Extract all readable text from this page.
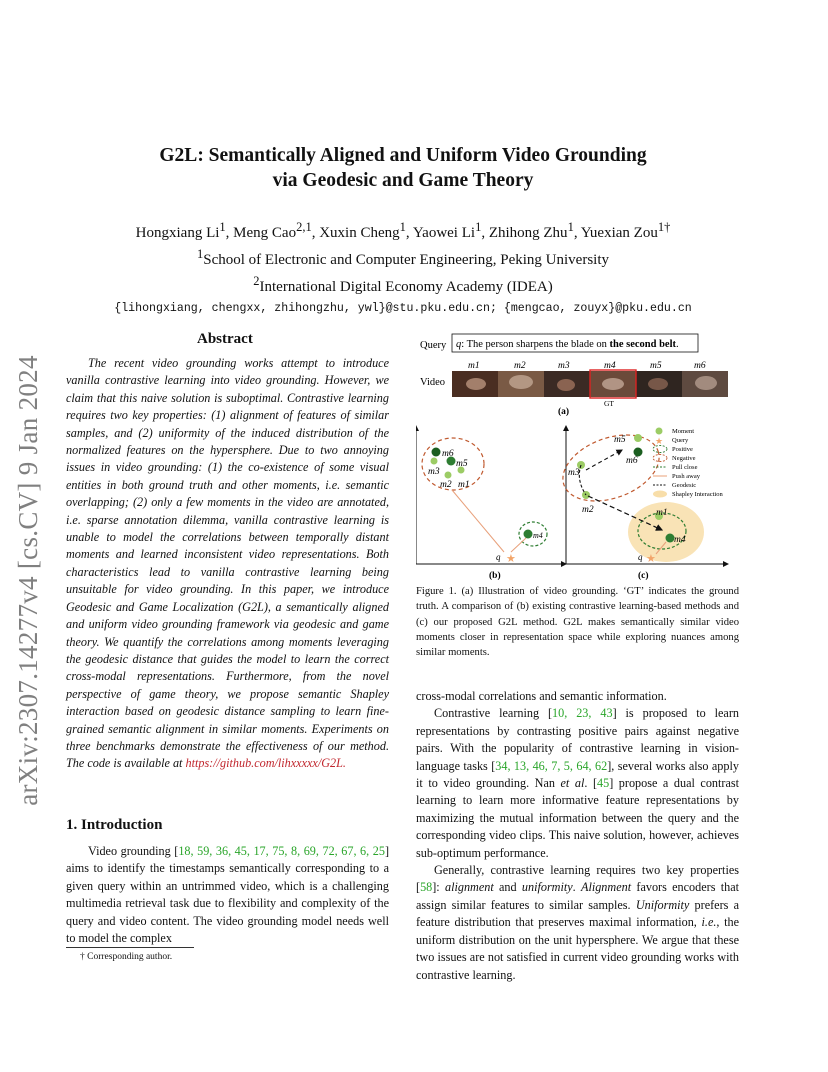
arXiv:2307.14277v4 [cs.CV] 9 Jan 2024
G2L: Semantically Aligned and Uniform Video Grounding
via Geodesic and Game Theory
Hongxiang Li$^1$, Meng Cao$^{2,1}$, Xuxin Cheng$^1$, Yaowei Li$^1$, Zhihong Zhu$^1$, Yuexian Zou$^{1\dagger}$
$^1$School of Electronic and Computer Engineering, Peking University
$^2$International Digital Economy Academy (IDEA)
{lihongxiang, chengxx, zhihongzhu, ywl}@stu.pku.edu.cn; {mengcao, zouyx}@pku.edu.cn
Abstract

The recent video grounding works attempt to introduce vanilla contrastive learning into video grounding. However, we claim that this naive solution is suboptimal. Contrastive learning requires two key properties: (1) alignment of features of similar samples, and (2) uniformity of the induced distribution of the normalized features on the hypersphere. Due to two annoying issues in video grounding: (1) the co-existence of some visual entities in both ground truth and other moments, i.e. semantic overlapping; (2) only a few moments in the video are annotated, i.e. sparse annotation dilemma, vanilla contrastive learning is unable to model the correlations between temporally distant moments and learned inconsistent video representations. Both characteristics lead to vanilla contrastive learning being unsuitable for video grounding. In this paper, we introduce Geodesic and Game Localization (G2L), a semantically aligned and uniform video grounding framework via geodesic and game theory. We quantify the correlations among moments leveraging the geodesic distance that guides the model to learn the correct cross-modal representations. Furthermore, from the novel perspective of game theory, we propose semantic Shapley interaction based on geodesic distance sampling to learn fine-grained semantic alignment in similar moments. Experiments on three benchmarks demonstrate the effectiveness of our method. The code is available at https://github.com/lihxxxxx/G2L.

1. Introduction

Video grounding [18, 59, 36, 45, 17, 75, 8, 69, 72, 67, 6, 25] aims to identify the timestamps semantically corresponding to a given query within an untrimmed video, which is a challenging multimedia retrieval task due to flexibility and complexity of the query and video content. The video grounding model needs well to model the complex

† Corresponding author.
Query q: The person sharpens the blade on the second belt.
m1	m2	m3	m4	m5	m6
Video
GT
(a)
m6
m5
m3
m2 m1
m4
★
q
(b)
m5
m6
m3
m2	m1
m4
★
q
(c)
Moment
★ Query
Positive
Negative
Pull close
Push away
Geodesic
Shapley Interaction
Figure 1. (a) Illustration of video grounding. ‘GT’ indicates the ground truth. A comparison of (b) existing contrastive learning-based methods and (c) our proposed G2L method. G2L makes semantically similar video moments closer in representation space while exploring nuances among similar moments.

cross-modal correlations and semantic information.

Contrastive learning [10, 23, 43] is proposed to learn representations by contrasting positive pairs against negative pairs. With the popularity of contrastive learning in vision-language tasks [34, 13, 46, 7, 5, 64, 62], several works also apply it to video grounding. Nan et al. [45] propose a dual contrast learning to learn more informative feature representations by maximizing the mutual information between the query and the corresponding video clips. This naive solution, however, achieves sub-optimum performance.

Generally, contrastive learning requires two key properties [58]: alignment and uniformity. Alignment favors encoders that assign similar features to similar samples. Uniformity prefers a feature distribution that preserves maximal information, i.e., the uniform distribution on the unit hypersphere. We argue that these two issues are not satisfied in current video grounding works with contrastive learning.
